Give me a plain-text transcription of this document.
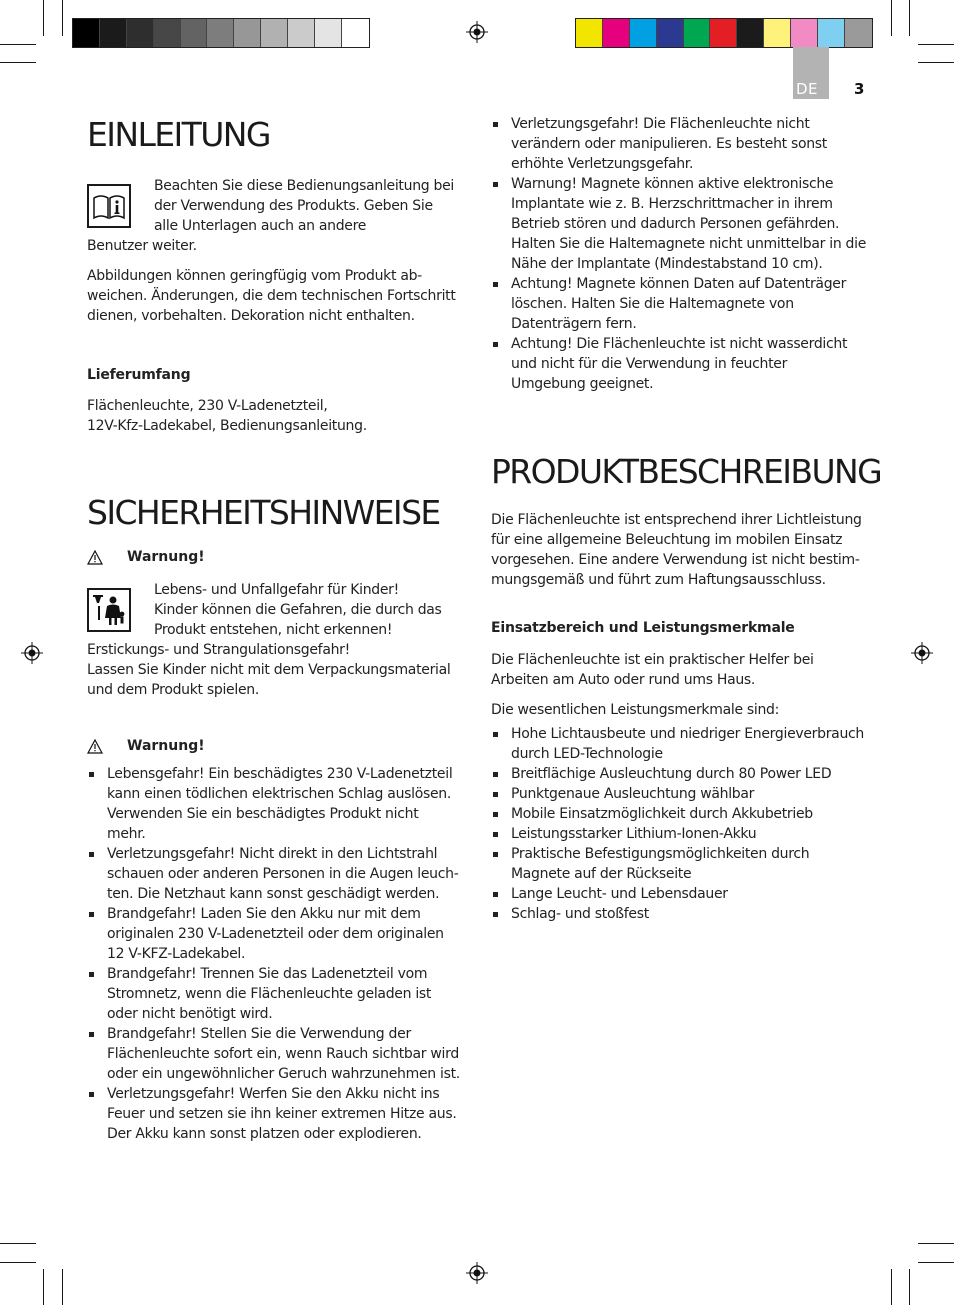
DE 3
EINLEITUNG

Beachten Sie diese Bedienungsanleitung bei
der Verwendung des Produkts. Geben Sie
alle Unterlagen auch an andere

Benutzer weiter.

Abbildungen können geringfügig vom Produkt ab-
weichen. Änderungen, die dem technischen Fortschritt
dienen, vorbehalten. Dekoration nicht enthalten.

Lieferumfang

Flächenleuchte, 230 V-Ladenetzteil,
12V-Kfz-Ladekabel, Bedienungsanleitung.

SICHERHEITSHINWEISE
Warnung!

Lebens- und Unfallgefahr für Kinder!
Kinder können die Gefahren, die durch das
Produkt entstehen, nicht erkennen!

Erstickungs- und Strangulationsgefahr!
Lassen Sie Kinder nicht mit dem Verpackungsmaterial
und dem Produkt spielen.

Warnung!
Lebensgefahr! Ein beschädigtes 230 V-Ladenetzteil
kann einen tödlichen elektrischen Schlag auslösen.
Verwenden Sie ein beschädigtes Produkt nicht
mehr.
Verletzungsgefahr! Nicht direkt in den Lichtstrahl
schauen oder anderen Personen in die Augen leuch-
ten. Die Netzhaut kann sonst geschädigt werden.
Brandgefahr! Laden Sie den Akku nur mit dem
originalen 230 V-Ladenetzteil oder dem originalen
12 V-KFZ-Ladekabel.
Brandgefahr! Trennen Sie das Ladenetzteil vom
Stromnetz, wenn die Flächenleuchte geladen ist
oder nicht benötigt wird.
Brandgefahr! Stellen Sie die Verwendung der
Flächenleuchte sofort ein, wenn Rauch sichtbar wird
oder ein ungewöhnlicher Geruch wahrzunehmen ist.
Verletzungsgefahr! Werfen Sie den Akku nicht ins
Feuer und setzen sie ihn keiner extremen Hitze aus.
Der Akku kann sonst platzen oder explodieren.
Verletzungsgefahr! Die Flächenleuchte nicht
verändern oder manipulieren. Es besteht sonst
erhöhte Verletzungsgefahr.
Warnung! Magnete können aktive elektronische
Implantate wie z. B. Herzschrittmacher in ihrem
Betrieb stören und dadurch Personen gefährden.
Halten Sie die Haltemagnete nicht unmittelbar in die
Nähe der Implantate (Mindestabstand 10 cm).
Achtung! Magnete können Daten auf Datenträger
löschen. Halten Sie die Haltemagnete von
Datenträgern fern.
Achtung! Die Flächenleuchte ist nicht wasserdicht
und nicht für die Verwendung in feuchter
Umgebung geeignet.
PRODUKTBESCHREIBUNG

Die Flächenleuchte ist entsprechend ihrer Lichtleistung
für eine allgemeine Beleuchtung im mobilen Einsatz
vorgesehen. Eine andere Verwendung ist nicht bestim-
mungsgemäß und führt zum Haftungsausschluss.

Einsatzbereich und Leistungsmerkmale

Die Flächenleuchte ist ein praktischer Helfer bei
Arbeiten am Auto oder rund ums Haus.

Die wesentlichen Leistungsmerkmale sind:

Hohe Lichtausbeute und niedriger Energieverbrauch
durch LED-Technologie
Breitflächige Ausleuchtung durch 80 Power LED
Punktgenaue Ausleuchtung wählbar
Mobile Einsatzmöglichkeit durch Akkubetrieb
Leistungsstarker Lithium-Ionen-Akku
Praktische Befestigungsmöglichkeiten durch
Magnete auf der Rückseite
Lange Leucht- und Lebensdauer
Schlag- und stoßfest
